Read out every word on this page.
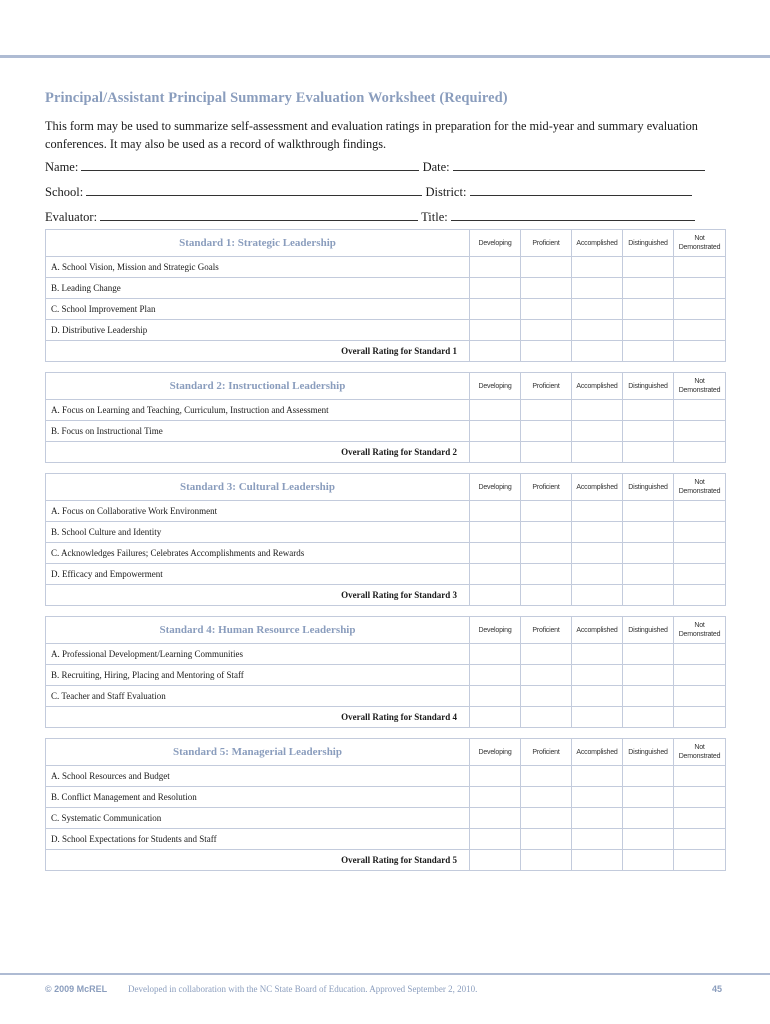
Principal/Assistant Principal Summary Evaluation Worksheet (Required)
This form may be used to summarize self-assessment and evaluation ratings in preparation for the mid-year and summary evaluation conferences. It may also be used as a record of walkthrough findings.
Name:	Date:
School:	District:
Evaluator:	Title:
Standard 1: Strategic Leadership	Developing	Proficient	Accomplished	Distinguished	Not Demonstrated
A. School Vision, Mission and Strategic Goals					
B. Leading Change					
C. School Improvement Plan					
D. Distributive Leadership					
Overall Rating for Standard 1					
Standard 2: Instructional Leadership	Developing	Proficient	Accomplished	Distinguished	Not Demonstrated
A. Focus on Learning and Teaching, Curriculum, Instruction and Assessment					
B. Focus on Instructional Time					
Overall Rating for Standard 2					
Standard 3: Cultural Leadership	Developing	Proficient	Accomplished	Distinguished	Not Demonstrated
A. Focus on Collaborative Work Environment					
B. School Culture and Identity					
C. Acknowledges Failures; Celebrates Accomplishments and Rewards					
D. Efficacy and Empowerment					
Overall Rating for Standard 3					
Standard 4: Human Resource Leadership	Developing	Proficient	Accomplished	Distinguished	Not Demonstrated
A. Professional Development/Learning Communities					
B. Recruiting, Hiring, Placing and Mentoring of Staff					
C. Teacher and Staff Evaluation					
Overall Rating for Standard 4					
Standard 5: Managerial Leadership	Developing	Proficient	Accomplished	Distinguished	Not Demonstrated
A. School Resources and Budget					
B. Conflict Management and Resolution					
C. Systematic Communication					
D. School Expectations for Students and Staff					
Overall Rating for Standard 5					
© 2009 McREL Developed in collaboration with the NC State Board of Education. Approved September 2, 2010.	45
